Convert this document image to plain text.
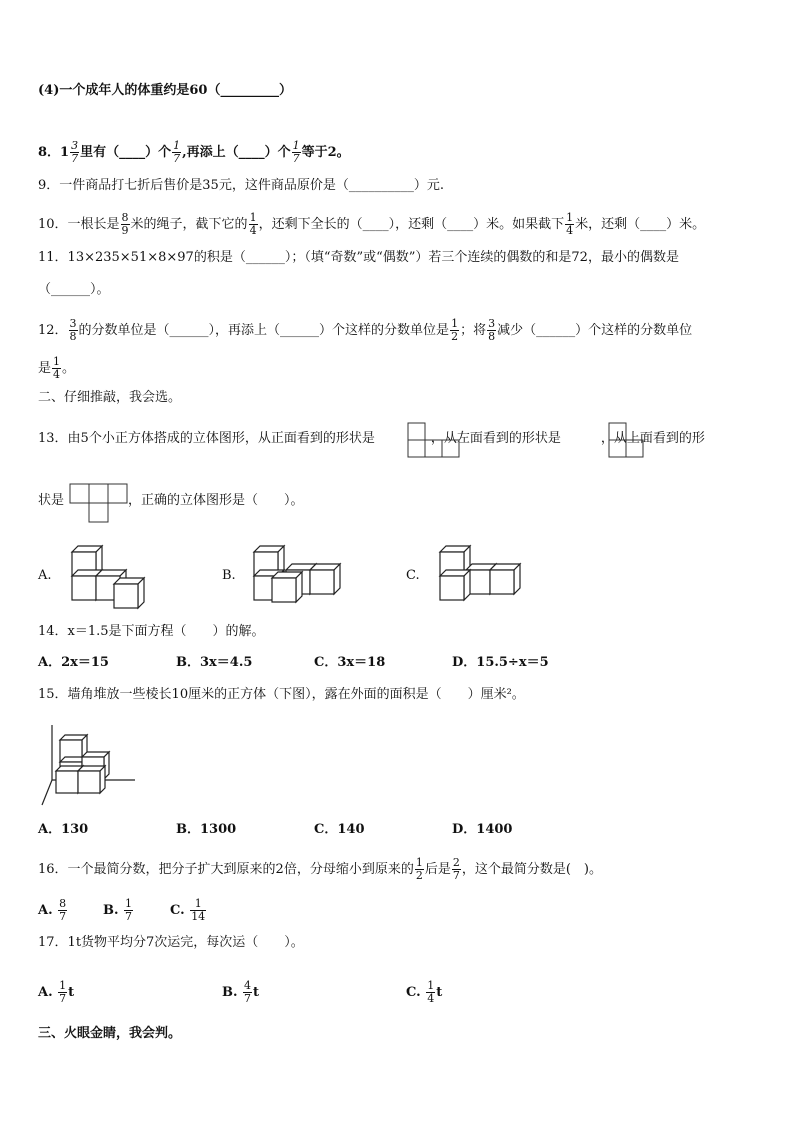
(4)一个成年人的体重约是60（_________）
8．$1 \frac{3}{7}$ 里有（____）个 $\frac{1}{7}$ ,再添上（____）个 $\frac{1}{7}$ 等于2。
9．一件商品打七折后售价是35元，这件商品原价是（__________）元.
10．一根长是 $\frac{8}{9}$ 米的绳子，截下它的 $\frac{1}{4}$ ，还剩下全长的（____），还剩（____）米。如果截下 $\frac{1}{4}$ 米，还剩（____）米。
11．13×235×51×8×97的积是（______）；（填“奇数”或“偶数”）若三个连续的偶数的和是72，最小的偶数是
（______）。
12． $\frac{3}{8}$ 的分数单位是（______），再添上（______）个这样的分数单位是 $\frac{1}{2}$ ；将 $\frac{3}{8}$ 减少（______）个这样的分数单位
是 $\frac{1}{4}$ 。
二、仔细推敲，我会选。
13．由5个小正方体搭成的立体图形，从正面看到的形状是	，从左面看到的形状是	，从上面看到的形
状是	，正确的立体图形是（　　）。
A.	B.	C.
14．x＝1.5是下面方程（　　）的解。
A．2x＝15	B．3x＝4.5	C．3x＝18	D．15.5÷x＝5
15．墙角堆放一些棱长10厘米的正方体（下图），露在外面的面积是（　　）厘米²。
A．130	B．1300	C．140	D．1400
16．一个最简分数，把分子扩大到原来的2倍，分母缩小到原来的 $\frac{1}{2}$ 后是 $\frac{2}{7}$ ，这个最简分数是(　)。
A. $\frac{8}{7}$	B. $\frac{1}{7}$	C. $\frac{1}{14}$
17．1t货物平均分7次运完，每次运（　　）。
A. $\frac{1}{7}$ t	B. $\frac{4}{7}$ t	C. $\frac{1}{4}$ t
三、火眼金睛，我会判。
